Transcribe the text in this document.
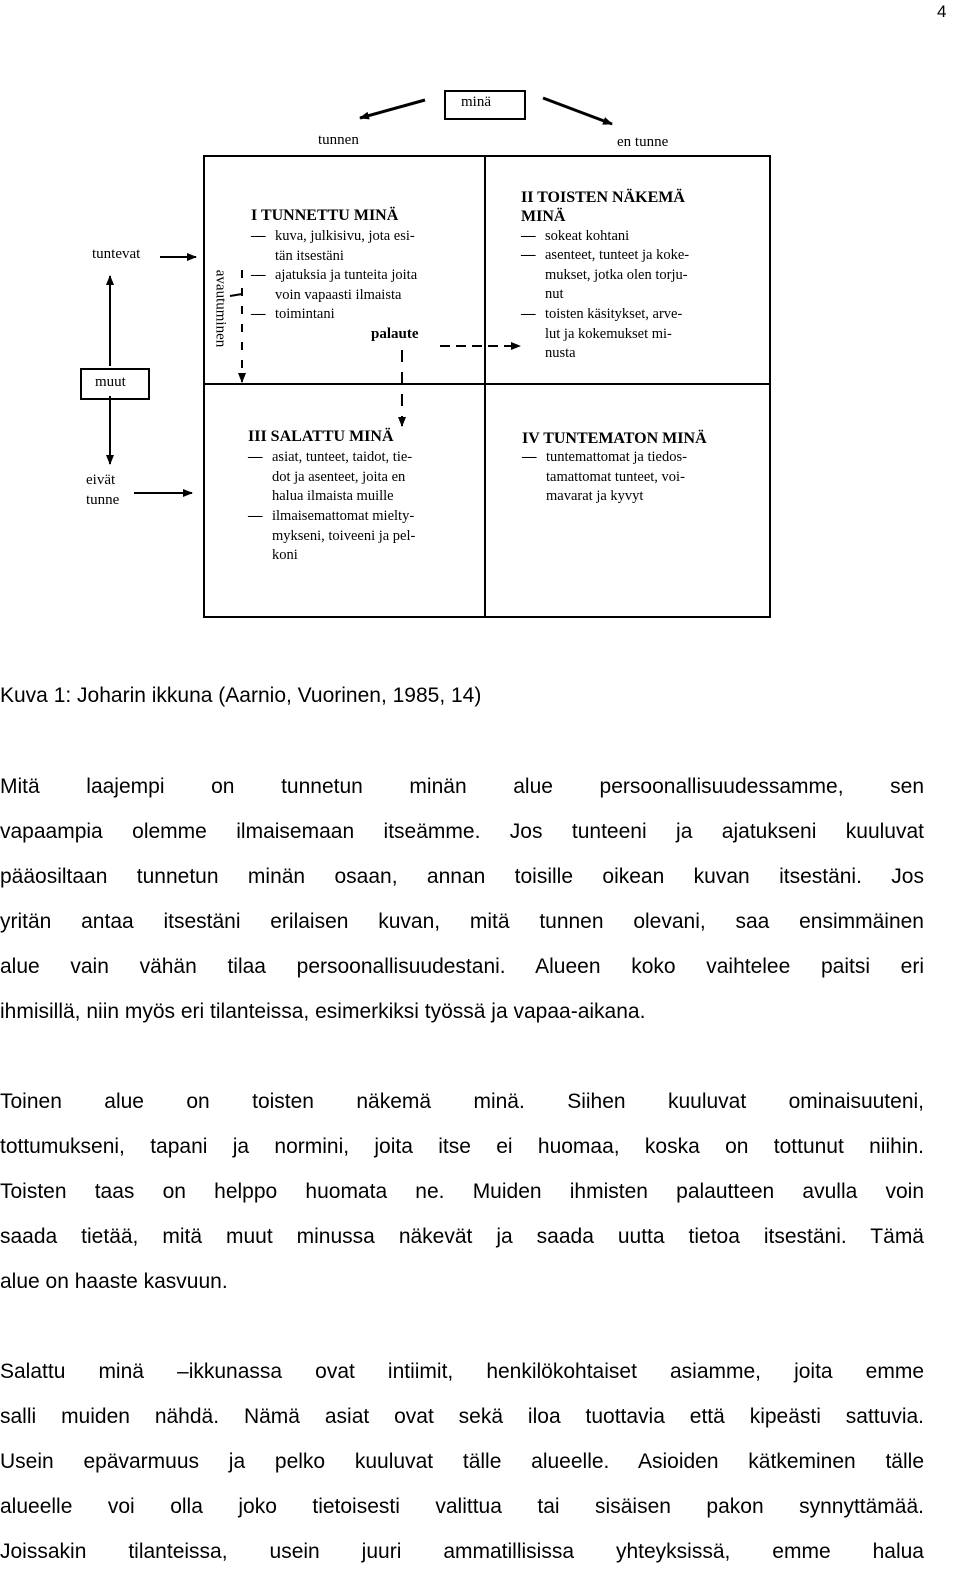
4
minä
tunnen	en tunne
tuntevat
muut
eivät
tunne
avautuminen	palaute
I TUNNETTU MINÄ
— kuva, julkisivu, jota esi-
tän itsestäni
— ajatuksia ja tunteita joita
voin vapaasti ilmaista
— toimintani
II TOISTEN NÄKEMÄ
MINÄ
— sokeat kohtani
— asenteet, tunteet ja koke-
mukset, jotka olen torju-
nut
— toisten käsitykset, arve-
lut ja kokemukset mi-
nusta
III SALATTU MINÄ
— asiat, tunteet, taidot, tie-
dot ja asenteet, joita en
halua ilmaista muille
— ilmaisemattomat mielty-
mykseni, toiveeni ja pel-
koni
IV TUNTEMATON MINÄ
— tuntemattomat ja tiedos-
tamattomat tunteet, voi-
mavarat ja kyvyt
Kuva 1: Joharin ikkuna (Aarnio, Vuorinen, 1985, 14)
Mitä laajempi on tunnetun minän alue persoonallisuudessamme, sen
vapaampia olemme ilmaisemaan itseämme. Jos tunteeni ja ajatukseni kuuluvat
pääosiltaan tunnetun minän osaan, annan toisille oikean kuvan itsestäni. Jos
yritän antaa itsestäni erilaisen kuvan, mitä tunnen olevani, saa ensimmäinen
alue vain vähän tilaa persoonallisuudestani. Alueen koko vaihtelee paitsi eri
ihmisillä, niin myös eri tilanteissa, esimerkiksi työssä ja vapaa-aikana.
Toinen alue on toisten näkemä minä. Siihen kuuluvat ominaisuuteni,
tottumukseni, tapani ja normini, joita itse ei huomaa, koska on tottunut niihin.
Toisten taas on helppo huomata ne. Muiden ihmisten palautteen avulla voin
saada tietää, mitä muut minussa näkevät ja saada uutta tietoa itsestäni. Tämä
alue on haaste kasvuun.
Salattu minä –ikkunassa ovat intiimit, henkilökohtaiset asiamme, joita emme
salli muiden nähdä. Nämä asiat ovat sekä iloa tuottavia että kipeästi sattuvia.
Usein epävarmuus ja pelko kuuluvat tälle alueelle. Asioiden kätkeminen tälle
alueelle voi olla joko tietoisesti valittua tai sisäisen pakon synnyttämää.
Joissakin tilanteissa, usein juuri ammatillisissa yhteyksissä, emme halua
